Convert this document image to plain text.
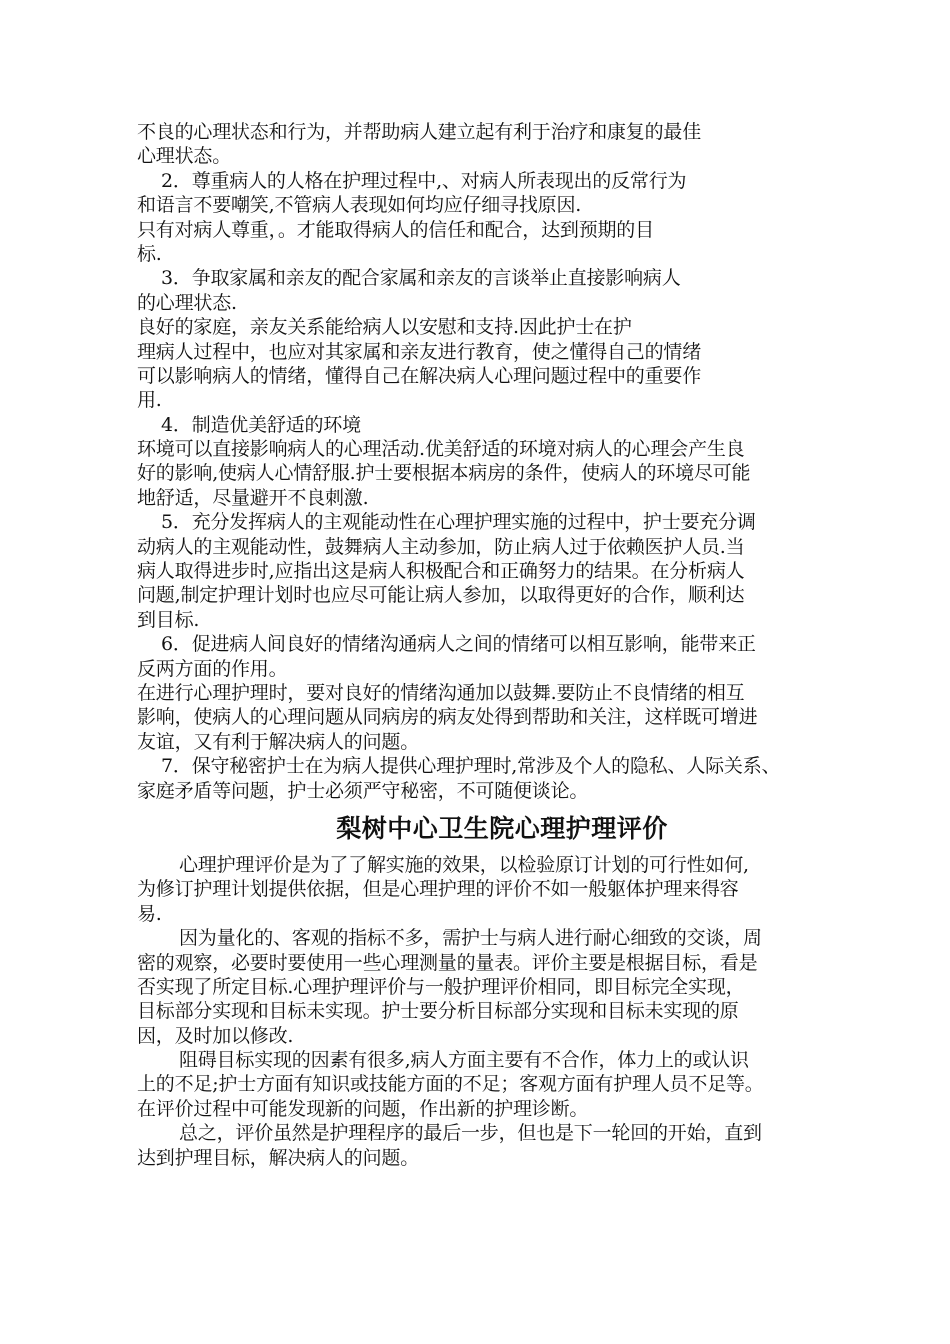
不良的心理状态和行为，并帮助病人建立起有利于治疗和康复的最佳
心理状态。
2．尊重病人的人格在护理过程中,、对病人所表现出的反常行为
和语言不要嘲笑,不管病人表现如何均应仔细寻找原因.
只有对病人尊重，。才能取得病人的信任和配合，达到预期的目
标.
3．争取家属和亲友的配合家属和亲友的言谈举止直接影响病人
的心理状态.
良好的家庭，亲友关系能给病人以安慰和支持.因此护士在护
理病人过程中，也应对其家属和亲友进行教育，使之懂得自己的情绪
可以影响病人的情绪，懂得自己在解决病人心理问题过程中的重要作
用.
4．制造优美舒适的环境
环境可以直接影响病人的心理活动.优美舒适的环境对病人的心理会产生良
好的影响,使病人心情舒服.护士要根据本病房的条件，使病人的环境尽可能
地舒适，尽量避开不良刺激.
5．充分发挥病人的主观能动性在心理护理实施的过程中，护士要充分调
动病人的主观能动性，鼓舞病人主动参加，防止病人过于依赖医护人员.当
病人取得进步时,应指出这是病人积极配合和正确努力的结果。在分析病人
问题,制定护理计划时也应尽可能让病人参加，以取得更好的合作，顺利达
到目标.
6．促进病人间良好的情绪沟通病人之间的情绪可以相互影响，能带来正
反两方面的作用。
在进行心理护理时，要对良好的情绪沟通加以鼓舞.要防止不良情绪的相互
影响，使病人的心理问题从同病房的病友处得到帮助和关注，这样既可增进
友谊，又有利于解决病人的问题。
7．保守秘密护士在为病人提供心理护理时,常涉及个人的隐私、人际关系、
家庭矛盾等问题，护士必须严守秘密，不可随便谈论。
梨树中心卫生院心理护理评价
心理护理评价是为了了解实施的效果，以检验原订计划的可行性如何,
为修订护理计划提供依据，但是心理护理的评价不如一般躯体护理来得容
易.
因为量化的、客观的指标不多，需护士与病人进行耐心细致的交谈，周
密的观察，必要时要使用一些心理测量的量表。评价主要是根据目标，看是
否实现了所定目标.心理护理评价与一般护理评价相同，即目标完全实现，
目标部分实现和目标未实现。护士要分析目标部分实现和目标未实现的原
因，及时加以修改.
阻碍目标实现的因素有很多,病人方面主要有不合作，体力上的或认识
上的不足;护士方面有知识或技能方面的不足；客观方面有护理人员不足等。
在评价过程中可能发现新的问题，作出新的护理诊断。
总之，评价虽然是护理程序的最后一步，但也是下一轮回的开始，直到
达到护理目标，解决病人的问题。
